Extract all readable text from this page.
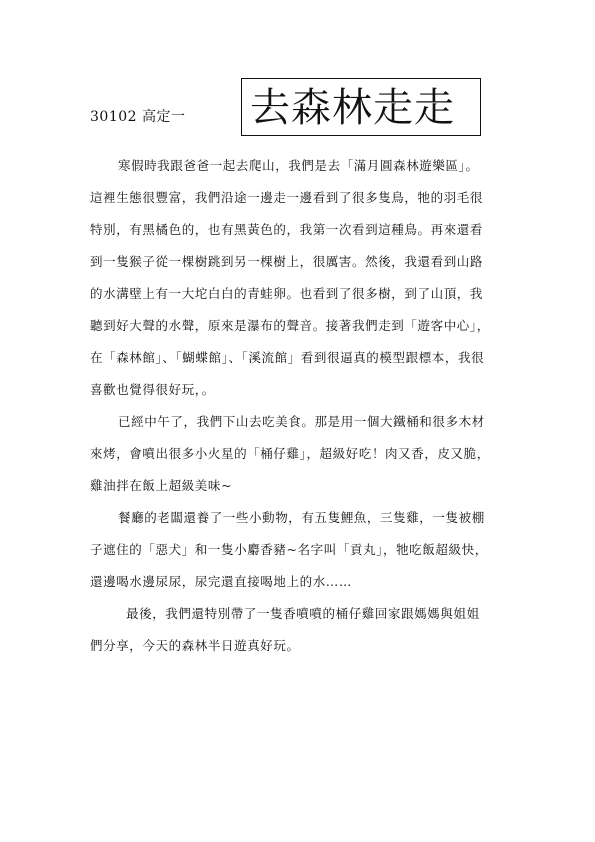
30102 高定一 去森林走走
寒假時我跟爸爸一起去爬山，我們是去「滿月圓森林遊樂區」。
這裡生態很豐富，我們沿途一邊走一邊看到了很多隻鳥，牠的羽毛很
特別，有黑橘色的，也有黑黃色的，我第一次看到這種鳥。再來還看
到一隻猴子從一棵樹跳到另一棵樹上，很厲害。然後，我還看到山路
的水溝壁上有一大坨白白的青蛙卵。也看到了很多樹，到了山頂，我
聽到好大聲的水聲，原來是瀑布的聲音。接著我們走到「遊客中心」，
在「森林館」、「蝴蝶館」、「溪流館」看到很逼真的模型跟標本，我很
喜歡也覺得很好玩，。
已經中午了，我們下山去吃美食。那是用一個大鐵桶和很多木材
來烤，會噴出很多小火星的「桶仔雞」，超級好吃！肉又香，皮又脆，
雞油拌在飯上超級美味~
餐廳的老闆還養了一些小動物，有五隻鯉魚，三隻雞，一隻被棚
子遮住的「惡犬」和一隻小麝香豬~名字叫「貢丸」，牠吃飯超級快，
還邊喝水邊尿尿，尿完還直接喝地上的水……
最後，我們還特別帶了一隻香噴噴的桶仔雞回家跟媽媽與姐姐
們分享，今天的森林半日遊真好玩。
